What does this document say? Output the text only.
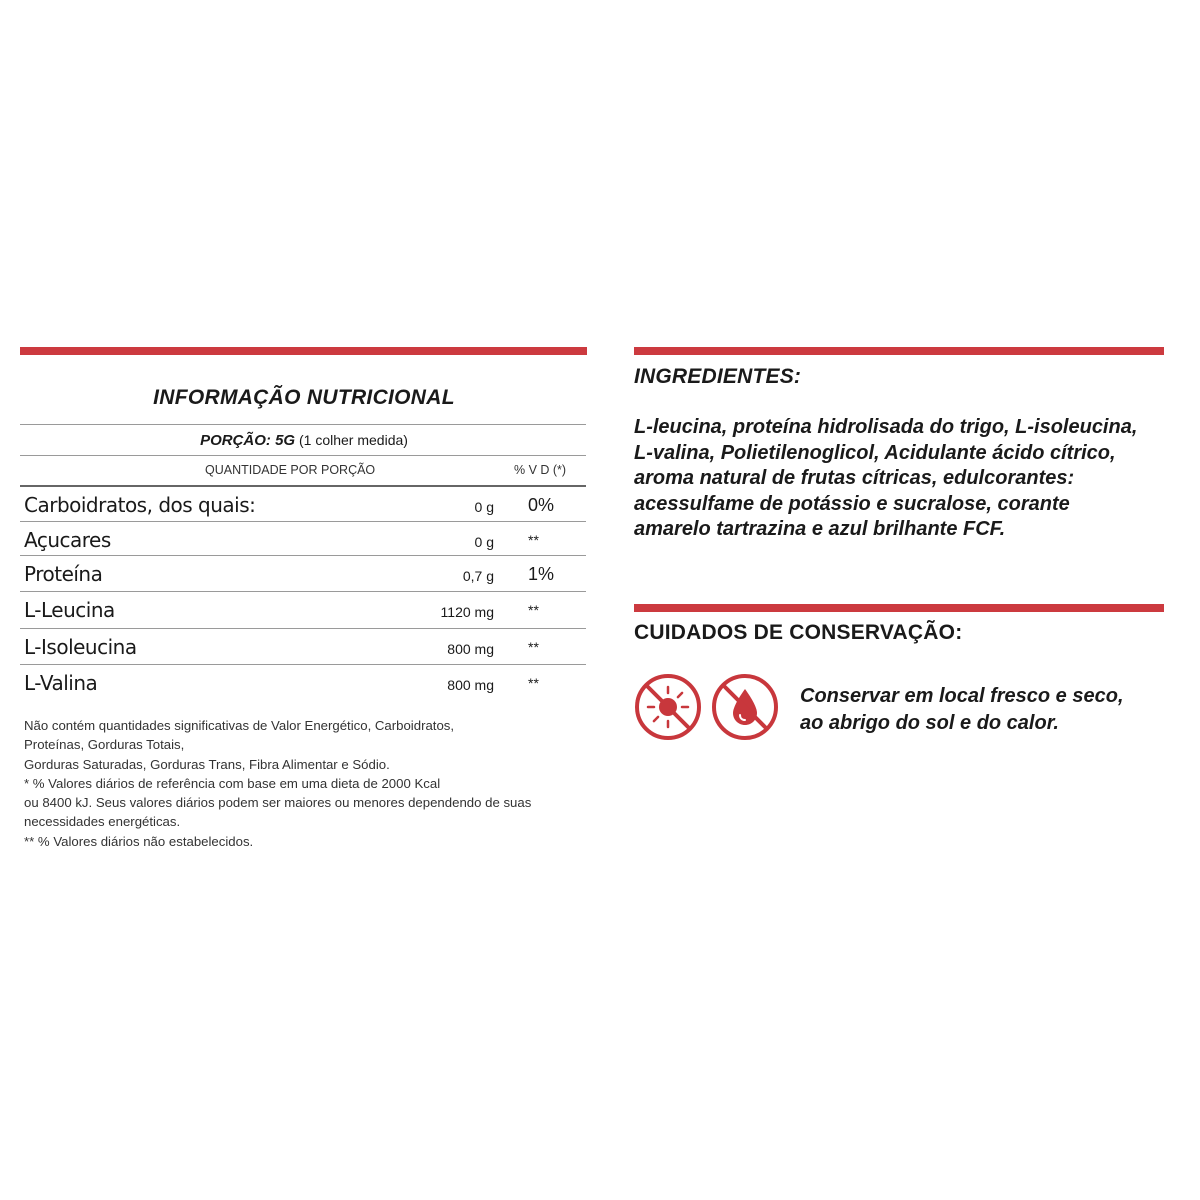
INFORMAÇÃO NUTRICIONAL
PORÇÃO: 5G (1 colher medida)
QUANTIDADE POR PORÇÃO	% V D (*)
Carboidratos, dos quais:	0 g 0%
Açucares	0 g **
Proteína	0,7 g 1%
L-Leucina	1120 mg **
L-Isoleucina	800 mg **
L-Valina	800 mg **
Não contém quantidades significativas de Valor Energético, Carboidratos,
Proteínas, Gorduras Totais,
Gorduras Saturadas, Gorduras Trans, Fibra Alimentar e Sódio.
* % Valores diários de referência com base em uma dieta de 2000 Kcal
ou 8400 kJ. Seus valores diários podem ser maiores ou menores dependendo de suas
necessidades energéticas.
** % Valores diários não estabelecidos.
INGREDIENTES:
L-leucina, proteína hidrolisada do trigo, L-isoleucina,
L-valina, Polietilenoglicol, Acidulante ácido cítrico,
aroma natural de frutas cítricas, edulcorantes:
acessulfame de potássio e sucralose, corante
amarelo tartrazina e azul brilhante FCF.
CUIDADOS DE CONSERVAÇÃO:
Conservar em local fresco e seco,
ao abrigo do sol e do calor.
